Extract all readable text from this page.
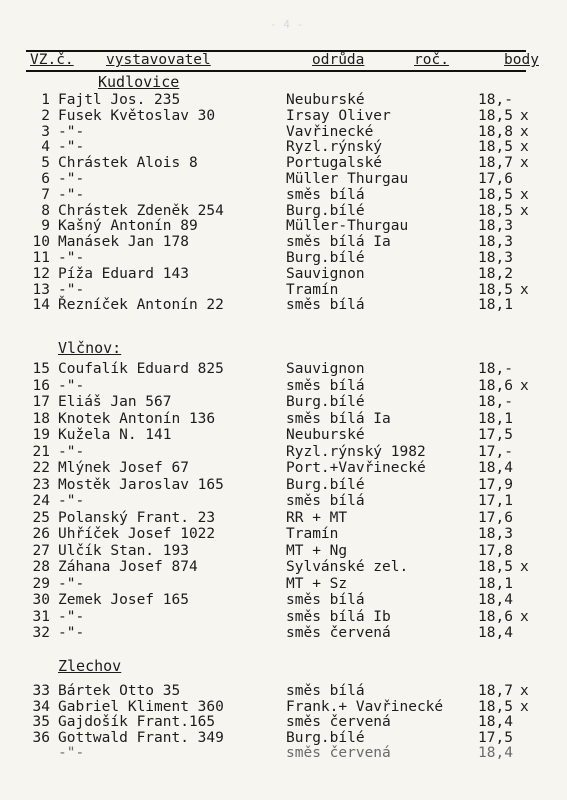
- 4 -
VZ.č. vystavovatel	odrůda	roč.	body
Kudlovice
1 Fajtl Jos. 235	Neuburské	18,-
2 Fusek Květoslav 30	Irsay Oliver	18,5 x
3 -"-	Vavřinecké	18,8 x
4 -"-	Ryzl.rýnský	18,5 x
5 Chrástek Alois 8	Portugalské	18,7 x
6 -"-	Müller Thurgau	17,6
7 -"-	směs bílá	18,5 x
8 Chrástek Zdeněk 254	Burg.bílé	18,5 x
9 Kašný Antonín 89	Müller-Thurgau	18,3
10 Manásek Jan 178	směs bílá Ia	18,3
11 -"-	Burg.bílé	18,3
12 Píža Eduard 143	Sauvignon	18,2
13 -"-	Tramín	18,5 x
14 Řezníček Antonín 22	směs bílá	18,1
Vlčnov:
15 Coufalík Eduard 825	Sauvignon	18,-
16 -"-	směs bílá	18,6 x
17 Eliáš Jan 567	Burg.bílé	18,-
18 Knotek Antonín 136	směs bílá Ia	18,1
19 Kužela N. 141	Neuburské	17,5
21 -"-	Ryzl.rýnský 1982	17,-
22 Mlýnek Josef 67	Port.+Vavřinecké	18,4
23 Mostěk Jaroslav 165	Burg.bílé	17,9
24 -"-	směs bílá	17,1
25 Polanský Frant. 23	RR + MT	17,6
26 Uhříček Josef 1022	Tramín	18,3
27 Ulčík Stan. 193	MT + Ng	17,8
28 Záhana Josef 874	Sylvánské zel.	18,5 x
29 -"-	MT + Sz	18,1
30 Zemek Josef 165	směs bílá	18,4
31 -"-	směs bílá Ib	18,6 x
32 -"-	směs červená	18,4
Zlechov
33 Bártek Otto 35	směs bílá	18,7 x
34 Gabriel Kliment 360	Frank.+ Vavřinecké 18,5 x
35 Gajdošík Frant.165	směs červená	18,4
36 Gottwald Frant. 349	Burg.bílé	17,5
-"-	směs červená	18,4
